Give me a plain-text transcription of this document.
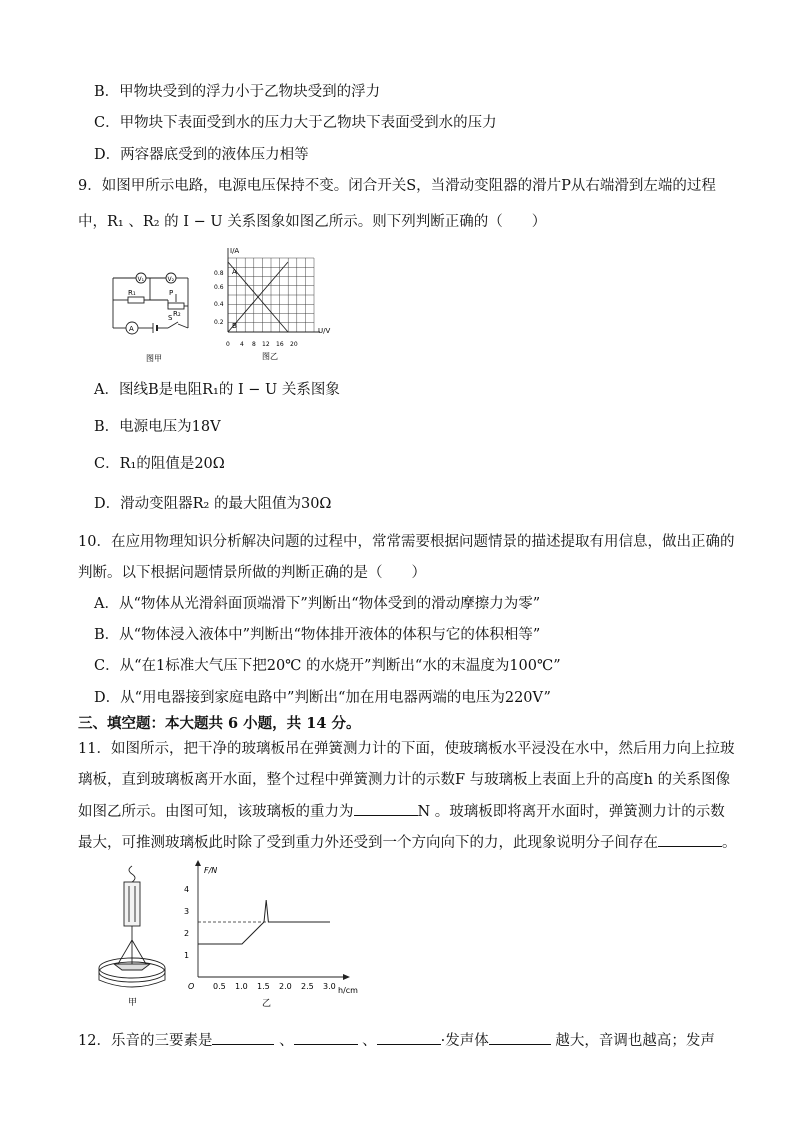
B．甲物块受到的浮力小于乙物块受到的浮力
C．甲物块下表面受到水的压力大于乙物块下表面受到水的压力
D．两容器底受到的液体压力相等
9．如图甲所示电路，电源电压保持不变。闭合开关S，当滑动变阻器的滑片P从右端滑到左端的过程
中，R₁ 、R₂ 的 I − U 关系图象如图乙所示。则下列判断正确的（　　）
V₁	V₂
R₁	P
R₂
S
A
图甲
I/A
U/V
0.8
0.6
0.4
0.2
0 4 8 12 16 20
A
B
图乙
A．图线B是电阻R₁的 I − U 关系图象
B．电源电压为18V
C．R₁的阻值是20Ω
D．滑动变阻器R₂ 的最大阻值为30Ω
10．在应用物理知识分析解决问题的过程中，常常需要根据问题情景的描述提取有用信息，做出正确的
判断。以下根据问题情景所做的判断正确的是（　　）
A．从“物体从光滑斜面顶端滑下”判断出“物体受到的滑动摩擦力为零”
B．从“物体浸入液体中”判断出“物体排开液体的体积与它的体积相等”
C．从“在1标准大气压下把20℃ 的水烧开”判断出“水的末温度为100℃”
D．从“用电器接到家庭电路中”判断出“加在用电器两端的电压为220V”
三、填空题：本大题共 6 小题，共 14 分。
11．如图所示，把干净的玻璃板吊在弹簧测力计的下面，使玻璃板水平浸没在水中，然后用力向上拉玻
璃板，直到玻璃板离开水面，整个过程中弹簧测力计的示数F 与玻璃板上表面上升的高度h 的关系图像
如图乙所示。由图可知，该玻璃板的重力为	N 。玻璃板即将离开水面时，弹簧测力计的示数
最大，可推测玻璃板此时除了受到重力外还受到一个方向向下的力，此现象说明分子间存在	。
甲
4
3
2
1
0.5 1.0 1.5 2.0 2.5 3.0
F/N
h/cm
O
乙
12．乐音的三要素是	、	、	·发声体	越大，音调也越高；发声
